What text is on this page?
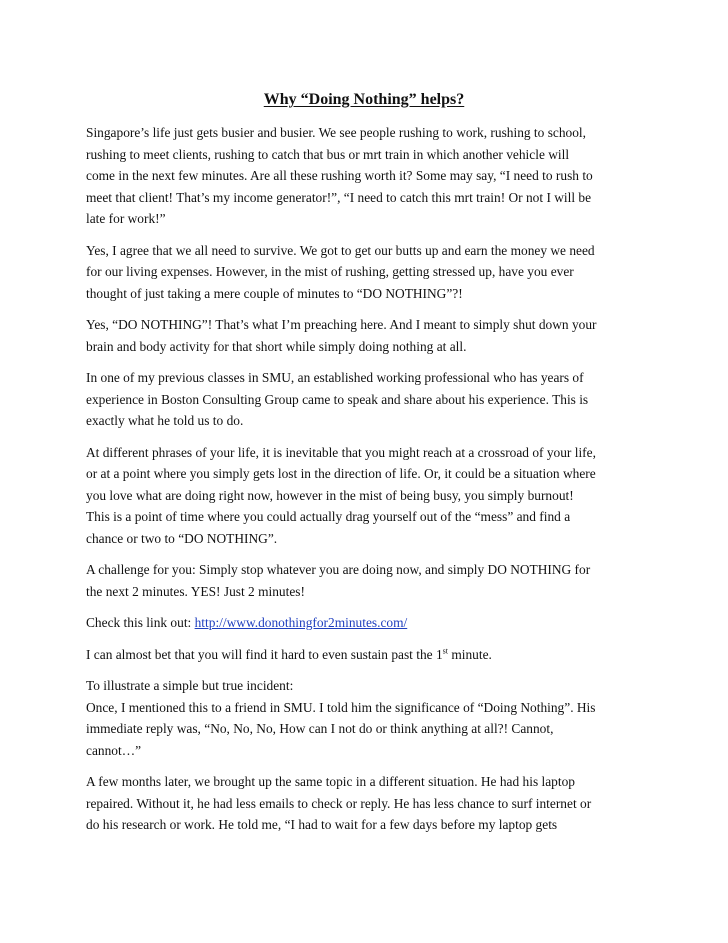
Why “Doing Nothing” helps?

Singapore’s life just gets busier and busier. We see people rushing to work, rushing to school,
rushing to meet clients, rushing to catch that bus or mrt train in which another vehicle will
come in the next few minutes. Are all these rushing worth it? Some may say, “I need to rush to
meet that client! That’s my income generator!”, “I need to catch this mrt train! Or not I will be
late for work!”

Yes, I agree that we all need to survive. We got to get our butts up and earn the money we need
for our living expenses. However, in the mist of rushing, getting stressed up, have you ever
thought of just taking a mere couple of minutes to “DO NOTHING”?!

Yes, “DO NOTHING”! That’s what I’m preaching here. And I meant to simply shut down your
brain and body activity for that short while simply doing nothing at all.

In one of my previous classes in SMU, an established working professional who has years of
experience in Boston Consulting Group came to speak and share about his experience. This is
exactly what he told us to do.

At different phrases of your life, it is inevitable that you might reach at a crossroad of your life,
or at a point where you simply gets lost in the direction of life. Or, it could be a situation where
you love what are doing right now, however in the mist of being busy, you simply burnout!
This is a point of time where you could actually drag yourself out of the “mess” and find a
chance or two to “DO NOTHING”.

A challenge for you: Simply stop whatever you are doing now, and simply DO NOTHING for
the next 2 minutes. YES! Just 2 minutes!

Check this link out: http://www.donothingfor2minutes.com/

I can almost bet that you will find it hard to even sustain past the 1st minute.

To illustrate a simple but true incident:
Once, I mentioned this to a friend in SMU. I told him the significance of “Doing Nothing”. His
immediate reply was, “No, No, No, How can I not do or think anything at all?! Cannot,
cannot…”

A few months later, we brought up the same topic in a different situation. He had his laptop
repaired. Without it, he had less emails to check or reply. He has less chance to surf internet or
do his research or work. He told me, “I had to wait for a few days before my laptop gets
